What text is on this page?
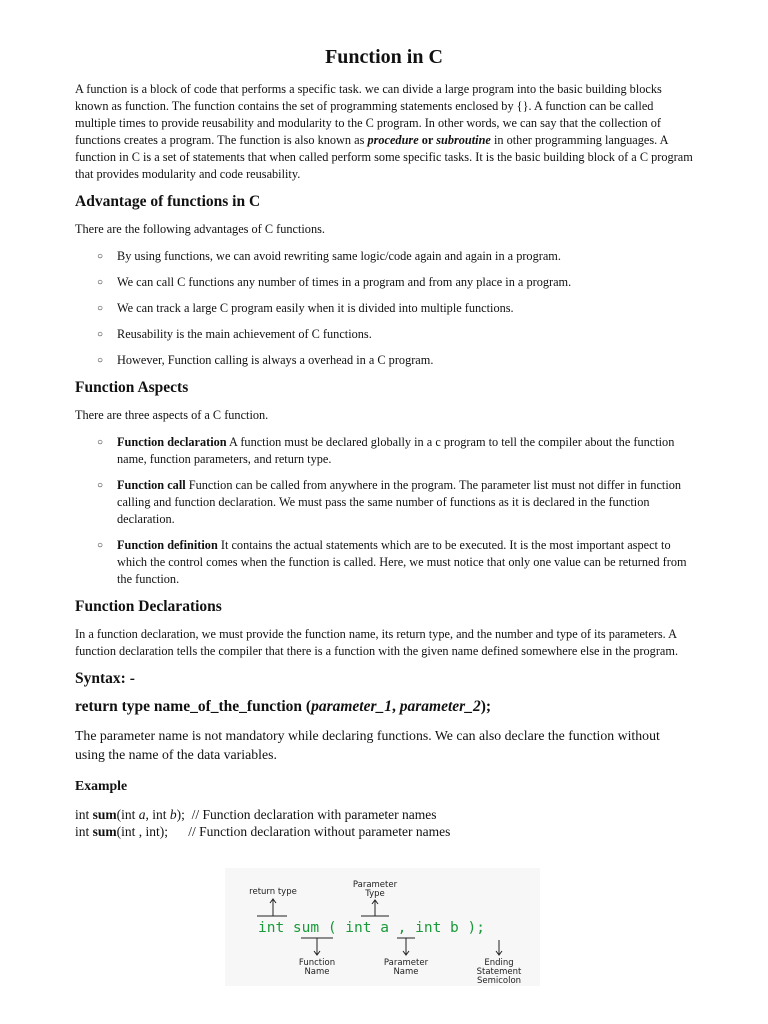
Function in C

A function is a block of code that performs a specific task. we can divide a large program into the basic building blocks known as function. The function contains the set of programming statements enclosed by {}. A function can be called multiple times to provide reusability and modularity to the C program. In other words, we can say that the collection of functions creates a program. The function is also known as procedure or subroutine in other programming languages. A function in C is a set of statements that when called perform some specific tasks. It is the basic building block of a C program that provides modularity and code reusability.

Advantage of functions in C

There are the following advantages of C functions.

○ By using functions, we can avoid rewriting same logic/code again and again in a program.
○ We can call C functions any number of times in a program and from any place in a program.
○ We can track a large C program easily when it is divided into multiple functions.
○ Reusability is the main achievement of C functions.
○ However, Function calling is always a overhead in a C program.
Function Aspects

There are three aspects of a C function.

○ Function declaration A function must be declared globally in a c program to tell the compiler about the function name, function parameters, and return type.
○ Function call Function can be called from anywhere in the program. The parameter list must not differ in function calling and function declaration. We must pass the same number of functions as it is declared in the function declaration.
○ Function definition It contains the actual statements which are to be executed. It is the most important aspect to which the control comes when the function is called. Here, we must notice that only one value can be returned from the function.
Function Declarations

In a function declaration, we must provide the function name, its return type, and the number and type of its parameters. A function declaration tells the compiler that there is a function with the given name defined somewhere else in the program.

Syntax: -
return type name_of_the_function (parameter_1, parameter_2);

The parameter name is not mandatory while declaring functions. We can also declare the function without using the name of the data variables.

Example
int sum(int a, int b);  // Function declaration with parameter names
int sum(int , int);      // Function declaration without parameter names
return type
Parameter
Type
Function
Name
Parameter
Name
Ending
Statement
Semicolon
int sum ( int a , int b );
